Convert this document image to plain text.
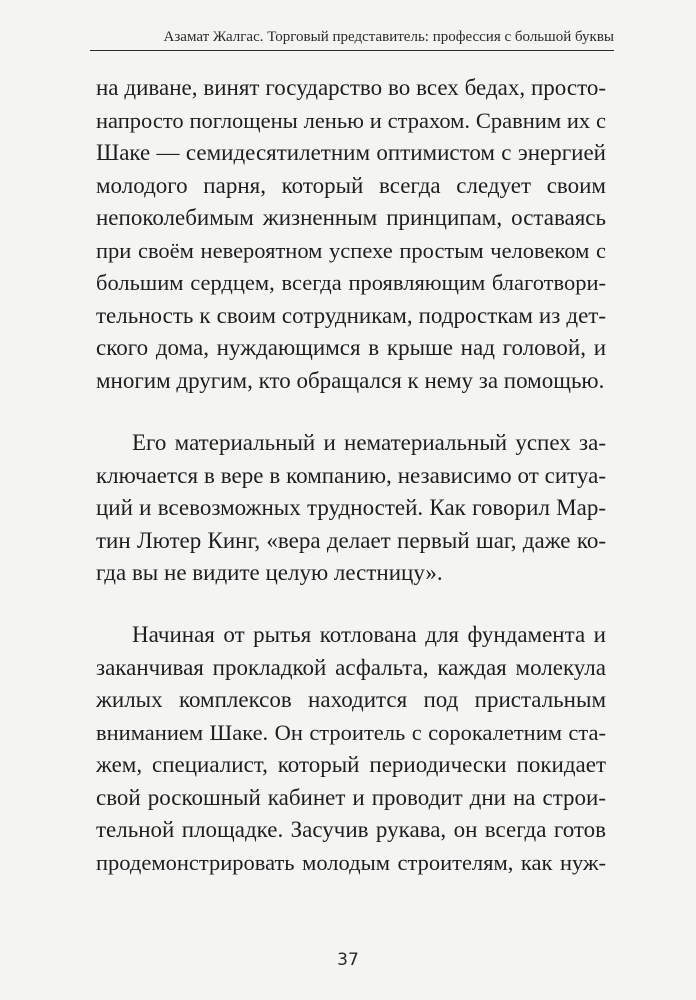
Азамат Жалгас. Торговый представитель: профессия с большой буквы
на диване, винят государство во всех бедах, просто-
напросто поглощены ленью и страхом. Сравним их с
Шаке — семидесятилетним оптимистом с энергией
молодого парня, который всегда следует своим
непоколебимым жизненным принципам, оставаясь
при своём невероятном успехе простым человеком с
большим сердцем, всегда проявляющим благотвори-
тельность к своим сотрудникам, подросткам из дет-
ского дома, нуждающимся в крыше над головой, и
многим другим, кто обращался к нему за помощью.
Его материальный и нематериальный успех за-
ключается в вере в компанию, независимо от ситуа-
ций и всевозможных трудностей. Как говорил Мар-
тин Лютер Кинг, «вера делает первый шаг, даже ко-
гда вы не видите целую лестницу».
Начиная от рытья котлована для фундамента и
заканчивая прокладкой асфальта, каждая молекула
жилых комплексов находится под пристальным
вниманием Шаке. Он строитель с сорокалетним ста-
жем, специалист, который периодически покидает
свой роскошный кабинет и проводит дни на строи-
тельной площадке. Засучив рукава, он всегда готов
продемонстрировать молодым строителям, как нуж-
37
